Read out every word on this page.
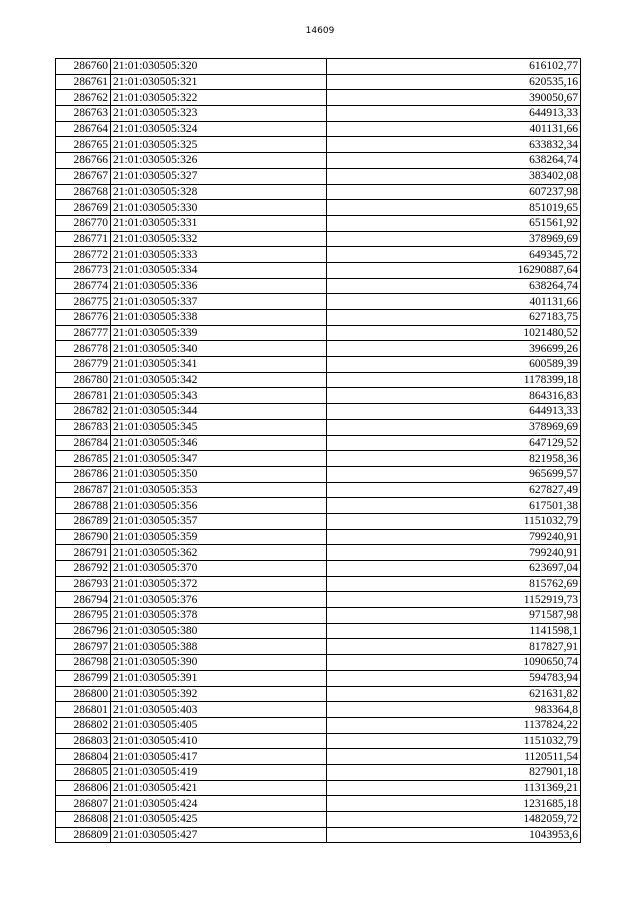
14609
286760	21:01:030505:320	616102,77
286761	21:01:030505:321	620535,16
286762	21:01:030505:322	390050,67
286763	21:01:030505:323	644913,33
286764	21:01:030505:324	401131,66
286765	21:01:030505:325	633832,34
286766	21:01:030505:326	638264,74
286767	21:01:030505:327	383402,08
286768	21:01:030505:328	607237,98
286769	21:01:030505:330	851019,65
286770	21:01:030505:331	651561,92
286771	21:01:030505:332	378969,69
286772	21:01:030505:333	649345,72
286773	21:01:030505:334	16290887,64
286774	21:01:030505:336	638264,74
286775	21:01:030505:337	401131,66
286776	21:01:030505:338	627183,75
286777	21:01:030505:339	1021480,52
286778	21:01:030505:340	396699,26
286779	21:01:030505:341	600589,39
286780	21:01:030505:342	1178399,18
286781	21:01:030505:343	864316,83
286782	21:01:030505:344	644913,33
286783	21:01:030505:345	378969,69
286784	21:01:030505:346	647129,52
286785	21:01:030505:347	821958,36
286786	21:01:030505:350	965699,57
286787	21:01:030505:353	627827,49
286788	21:01:030505:356	617501,38
286789	21:01:030505:357	1151032,79
286790	21:01:030505:359	799240,91
286791	21:01:030505:362	799240,91
286792	21:01:030505:370	623697,04
286793	21:01:030505:372	815762,69
286794	21:01:030505:376	1152919,73
286795	21:01:030505:378	971587,98
286796	21:01:030505:380	1141598,1
286797	21:01:030505:388	817827,91
286798	21:01:030505:390	1090650,74
286799	21:01:030505:391	594783,94
286800	21:01:030505:392	621631,82
286801	21:01:030505:403	983364,8
286802	21:01:030505:405	1137824,22
286803	21:01:030505:410	1151032,79
286804	21:01:030505:417	1120511,54
286805	21:01:030505:419	827901,18
286806	21:01:030505:421	1131369,21
286807	21:01:030505:424	1231685,18
286808	21:01:030505:425	1482059,72
286809	21:01:030505:427	1043953,6
